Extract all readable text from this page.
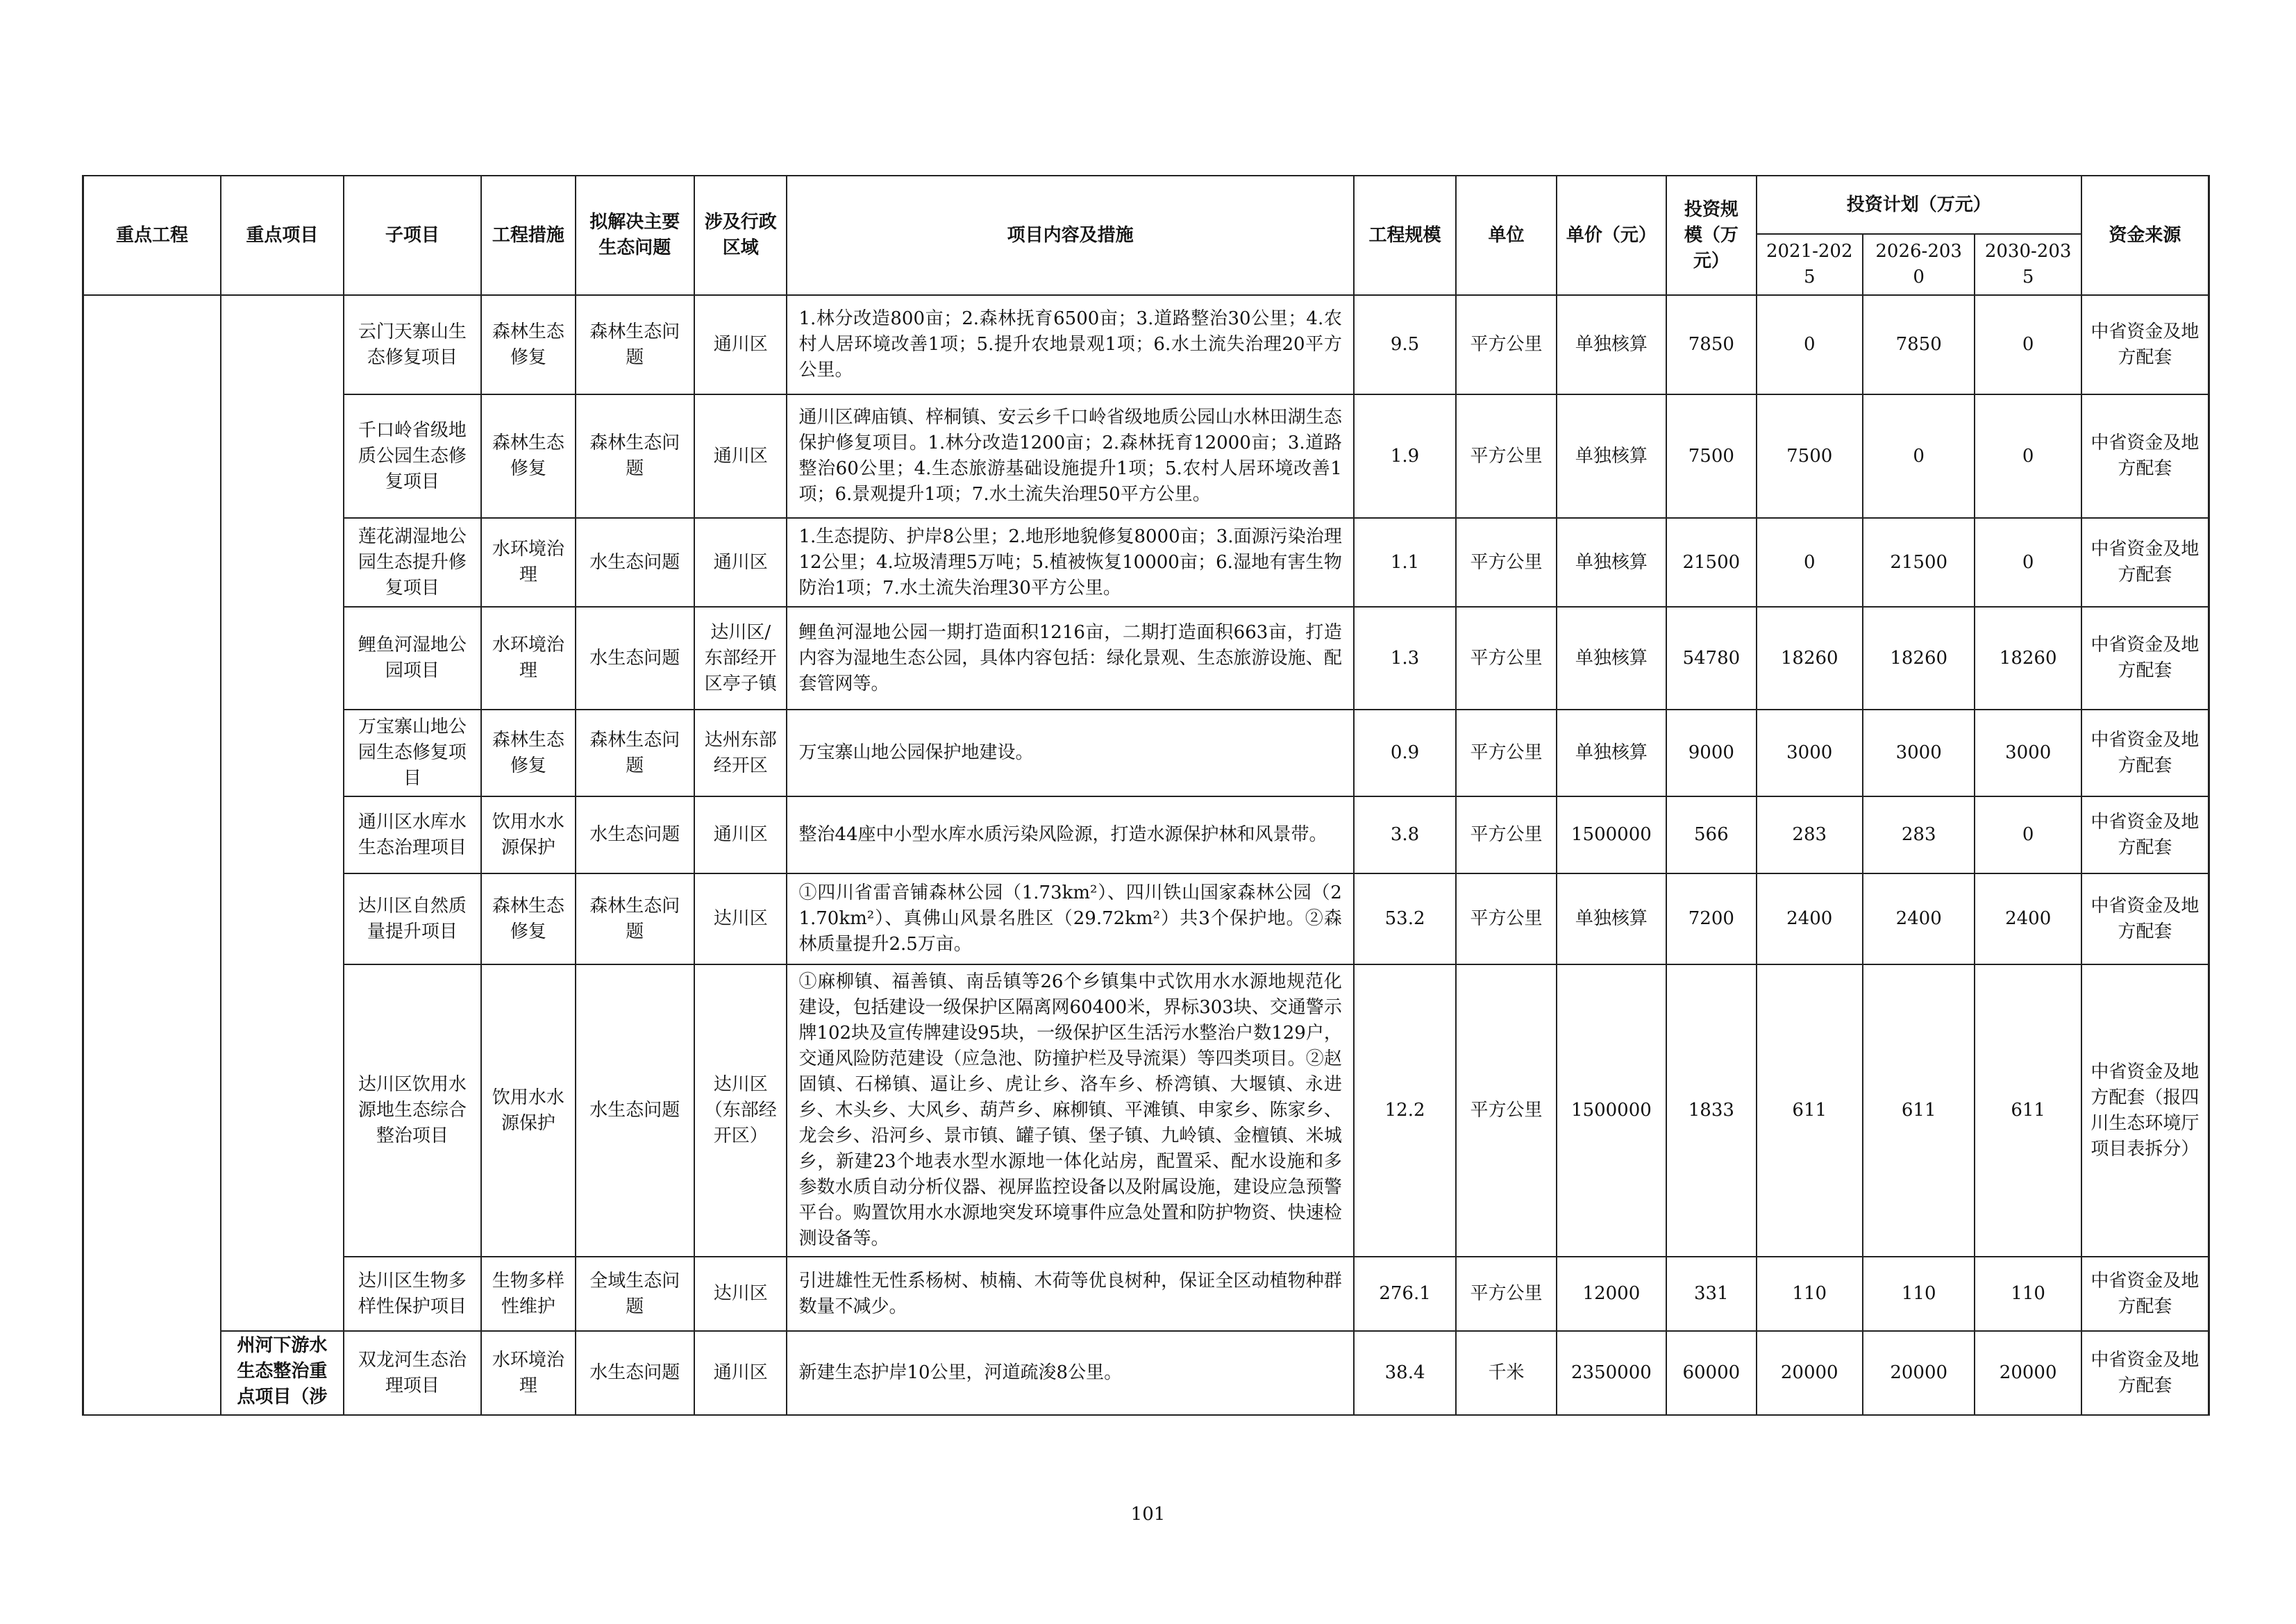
重点工程	重点项目	子项目	工程措施	拟解决主要生态问题	涉及行政区域	项目内容及措施	工程规模	单位	单价（元）	投资规模（万元）	投资计划（万元）			资金来源
											2021-2025	2026-2030	2030-2035	
		云门天寨山生态修复项目	森林生态修复	森林生态问题	通川区	1.林分改造800亩；2.森林抚育6500亩；3.道路整治30公里；4.农村人居环境改善1项；5.提升农地景观1项；6.水土流失治理20平方公里。	9.5	平方公里	单独核算	7850	0	7850	0	中省资金及地方配套
		千口岭省级地质公园生态修复项目	森林生态修复	森林生态问题	通川区	通川区碑庙镇、梓桐镇、安云乡千口岭省级地质公园山水林田湖生态保护修复项目。1.林分改造1200亩；2.森林抚育12000亩；3.道路整治60公里；4.生态旅游基础设施提升1项；5.农村人居环境改善1项；6.景观提升1项；7.水土流失治理50平方公里。	1.9	平方公里	单独核算	7500	7500	0	0	中省资金及地方配套
		莲花湖湿地公园生态提升修复项目	水环境治理	水生态问题	通川区	1.生态提防、护岸8公里；2.地形地貌修复8000亩；3.面源污染治理12公里；4.垃圾清理5万吨；5.植被恢复10000亩；6.湿地有害生物防治1项；7.水土流失治理30平方公里。	1.1	平方公里	单独核算	21500	0	21500	0	中省资金及地方配套
		鲤鱼河湿地公园项目	水环境治理	水生态问题	达川区/东部经开区亭子镇	鲤鱼河湿地公园一期打造面积1216亩，二期打造面积663亩，打造内容为湿地生态公园，具体内容包括：绿化景观、生态旅游设施、配套管网等。	1.3	平方公里	单独核算	54780	18260	18260	18260	中省资金及地方配套
		万宝寨山地公园生态修复项目	森林生态修复	森林生态问题	达州东部经开区	万宝寨山地公园保护地建设。	0.9	平方公里	单独核算	9000	3000	3000	3000	中省资金及地方配套
		通川区水库水生态治理项目	饮用水水源保护	水生态问题	通川区	整治44座中小型水库水质污染风险源，打造水源保护林和风景带。	3.8	平方公里	1500000	566	283	283	0	中省资金及地方配套
		达川区自然质量提升项目	森林生态修复	森林生态问题	达川区	①四川省雷音铺森林公园（1.73km²）、四川铁山国家森林公园（21.70km²）、真佛山风景名胜区（29.72km²）共3个保护地。②森林质量提升2.5万亩。	53.2	平方公里	单独核算	7200	2400	2400	2400	中省资金及地方配套
		达川区饮用水源地生态综合整治项目	饮用水水源保护	水生态问题	达川区（东部经开区）	①麻柳镇、福善镇、南岳镇等26个乡镇集中式饮用水水源地规范化建设，包括建设一级保护区隔离网60400米，界标303块、交通警示牌102块及宣传牌建设95块，一级保护区生活污水整治户数129户，交通风险防范建设（应急池、防撞护栏及导流渠）等四类项目。②赵固镇、石梯镇、逼让乡、虎让乡、洛车乡、桥湾镇、大堰镇、永进乡、木头乡、大风乡、葫芦乡、麻柳镇、平滩镇、申家乡、陈家乡、龙会乡、沿河乡、景市镇、罐子镇、堡子镇、九岭镇、金檀镇、米城乡，新建23个地表水型水源地一体化站房，配置采、配水设施和多参数水质自动分析仪器、视屏监控设备以及附属设施，建设应急预警平台。购置饮用水水源地突发环境事件应急处置和防护物资、快速检测设备等。	12.2	平方公里	1500000	1833	611	611	611	中省资金及地方配套（报四川生态环境厅项目表拆分）
		达川区生物多样性保护项目	生物多样性维护	全域生态问题	达川区	引进雄性无性系杨树、桢楠、木荷等优良树种，保证全区动植物种群数量不减少。	276.1	平方公里	12000	331	110	110	110	中省资金及地方配套
	州河下游水生态整治重点项目（涉	双龙河生态治理项目	水环境治理	水生态问题	通川区	新建生态护岸10公里，河道疏浚8公里。	38.4	千米	2350000	60000	20000	20000	20000	中省资金及地方配套
101
